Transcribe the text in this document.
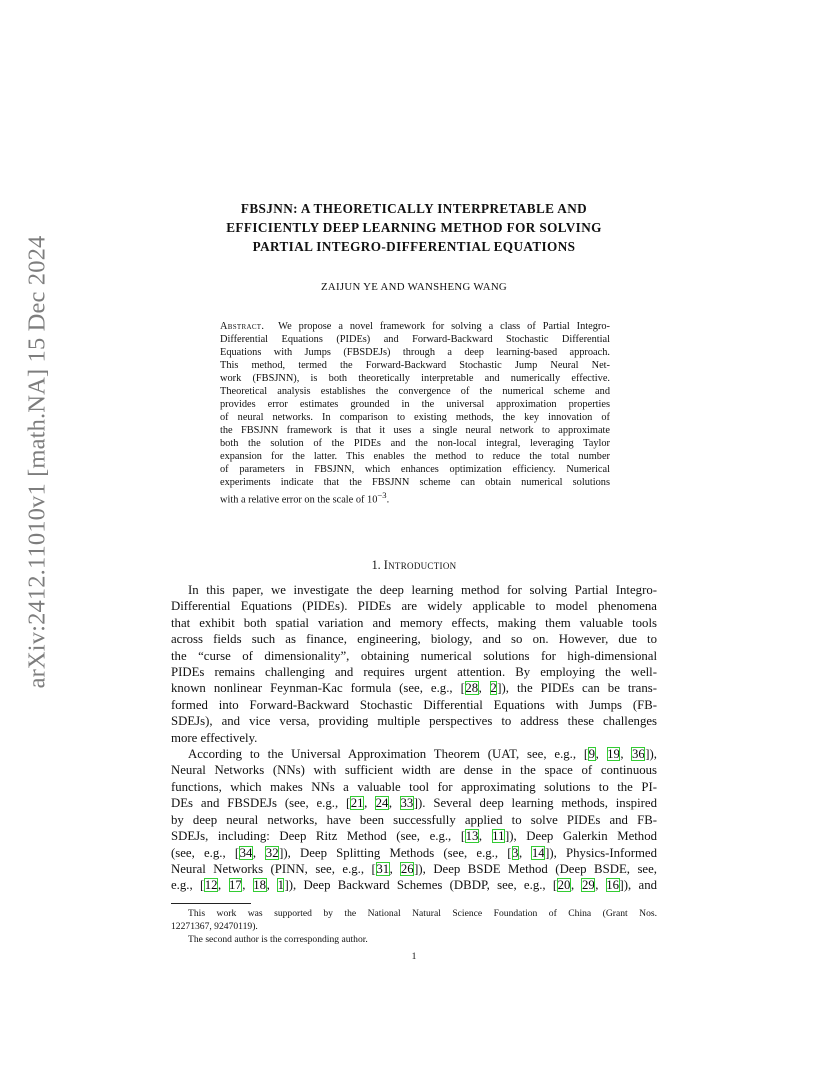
arXiv:2412.11010v1 [math.NA] 15 Dec 2024
FBSJNN: A THEORETICALLY INTERPRETABLE AND
EFFICIENTLY DEEP LEARNING METHOD FOR SOLVING
PARTIAL INTEGRO-DIFFERENTIAL EQUATIONS
ZAIJUN YE AND WANSHENG WANG
Abstract. We propose a novel framework for solving a class of Partial Integro-
Differential Equations (PIDEs) and Forward-Backward Stochastic Differential
Equations with Jumps (FBSDEJs) through a deep learning-based approach.
This method, termed the Forward-Backward Stochastic Jump Neural Net-
work (FBSJNN), is both theoretically interpretable and numerically effective.
Theoretical analysis establishes the convergence of the numerical scheme and
provides error estimates grounded in the universal approximation properties
of neural networks. In comparison to existing methods, the key innovation of
the FBSJNN framework is that it uses a single neural network to approximate
both the solution of the PIDEs and the non-local integral, leveraging Taylor
expansion for the latter. This enables the method to reduce the total number
of parameters in FBSJNN, which enhances optimization efficiency. Numerical
experiments indicate that the FBSJNN scheme can obtain numerical solutions
with a relative error on the scale of $10^{-3}$.
1. Introduction
In this paper, we investigate the deep learning method for solving Partial Integro-
Differential Equations (PIDEs). PIDEs are widely applicable to model phenomena
that exhibit both spatial variation and memory effects, making them valuable tools
across fields such as finance, engineering, biology, and so on. However, due to
the “curse of dimensionality”, obtaining numerical solutions for high-dimensional
PIDEs remains challenging and requires urgent attention. By employing the well-
known nonlinear Feynman-Kac formula (see, e.g., [28, 2]), the PIDEs can be trans-
formed into Forward-Backward Stochastic Differential Equations with Jumps (FB-
SDEJs), and vice versa, providing multiple perspectives to address these challenges
more effectively.
According to the Universal Approximation Theorem (UAT, see, e.g., [9, 19, 36]),
Neural Networks (NNs) with sufficient width are dense in the space of continuous
functions, which makes NNs a valuable tool for approximating solutions to the PI-
DEs and FBSDEJs (see, e.g., [21, 24, 33]). Several deep learning methods, inspired
by deep neural networks, have been successfully applied to solve PIDEs and FB-
SDEJs, including: Deep Ritz Method (see, e.g., [13, 11]), Deep Galerkin Method
(see, e.g., [34, 32]), Deep Splitting Methods (see, e.g., [3, 14]), Physics-Informed
Neural Networks (PINN, see, e.g., [31, 26]), Deep BSDE Method (Deep BSDE, see,
e.g., [12, 17, 18, 1]), Deep Backward Schemes (DBDP, see, e.g., [20, 29, 16]), and
This work was supported by the National Natural Science Foundation of China (Grant Nos.
12271367, 92470119).
The second author is the corresponding author.
1
